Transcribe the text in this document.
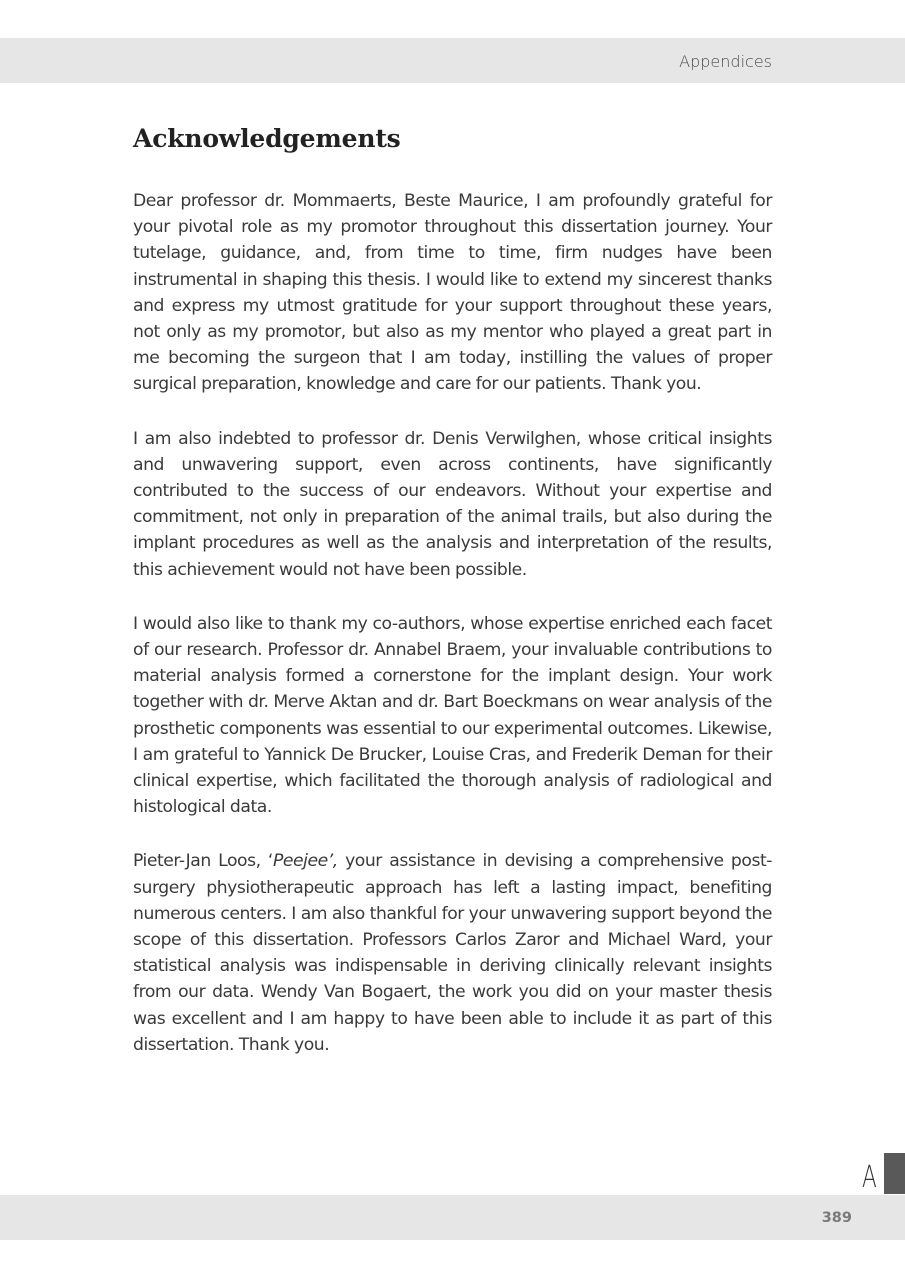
Appendices
Acknowledgements

Dear professor dr. Mommaerts, Beste Maurice, I am profoundly grateful for your pivotal role as my promotor throughout this dissertation journey. Your tutelage, guidance, and, from time to time, firm nudges have been instrumental in shaping this thesis. I would like to extend my sincerest thanks and express my utmost gratitude for your support throughout these years, not only as my promotor, but also as my mentor who played a great part in me becoming the surgeon that I am today, instilling the values of proper surgical preparation, knowledge and care for our patients. Thank you.

I am also indebted to professor dr. Denis Verwilghen, whose critical insights and unwavering support, even across continents, have significantly contributed to the success of our endeavors. Without your expertise and commitment, not only in preparation of the animal trails, but also during the implant procedures as well as the analysis and interpretation of the results, this achievement would not have been possible.

I would also like to thank my co-authors, whose expertise enriched each facet of our research. Professor dr. Annabel Braem, your invaluable contributions to material analysis formed a cornerstone for the implant design. Your work together with dr. Merve Aktan and dr. Bart Boeckmans on wear analysis of the prosthetic components was essential to our experimental outcomes. Likewise, I am grateful to Yannick De Brucker, Louise Cras, and Frederik Deman for their clinical expertise, which facilitated the thorough analysis of radiological and histological data.

Pieter-Jan Loos, ‘Peejee’, your assistance in devising a comprehensive post-surgery physiotherapeutic approach has left a lasting impact, benefiting numerous centers. I am also thankful for your unwavering support beyond the scope of this dissertation. Professors Carlos Zaror and Michael Ward, your statistical analysis was indispensable in deriving clinically relevant insights from our data. Wendy Van Bogaert, the work you did on your master thesis was excellent and I am happy to have been able to include it as part of this dissertation. Thank you.

A
389
